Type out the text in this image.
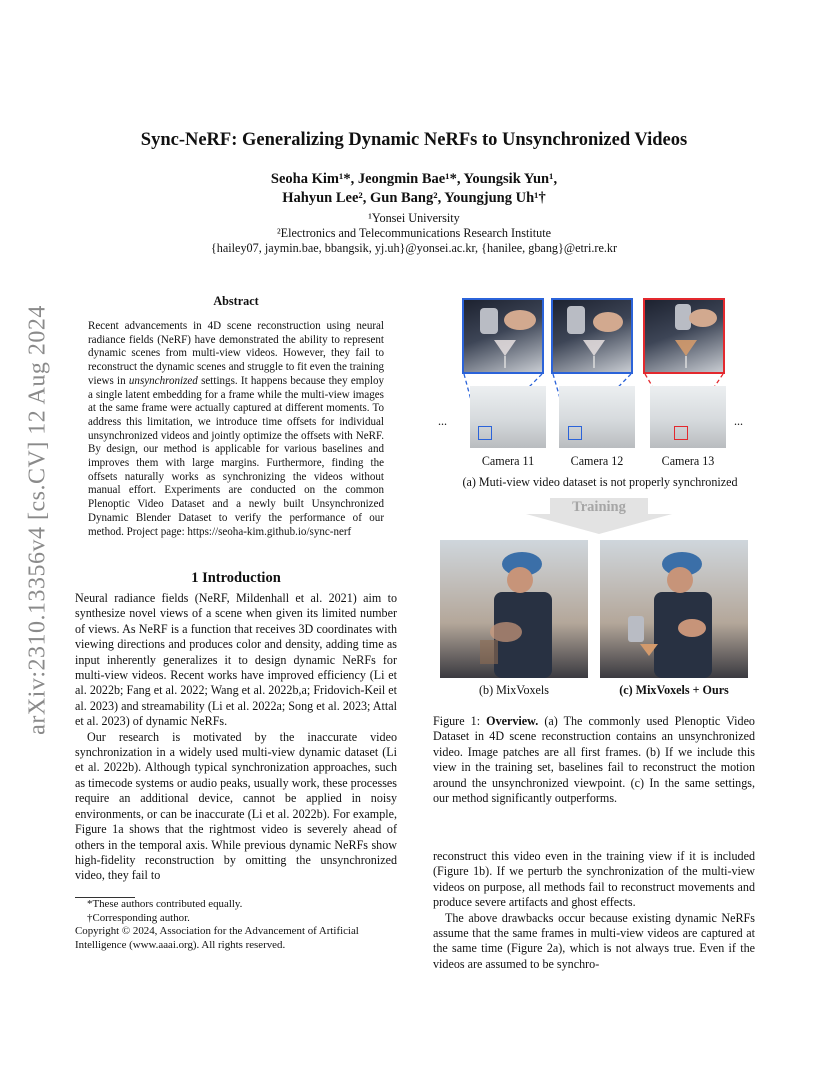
arXiv:2310.13356v4 [cs.CV] 12 Aug 2024
Sync-NeRF: Generalizing Dynamic NeRFs to Unsynchronized Videos
Seoha Kim¹*, Jeongmin Bae¹*, Youngsik Yun¹,
Hahyun Lee², Gun Bang², Youngjung Uh¹†
¹Yonsei University
²Electronics and Telecommunications Research Institute
{hailey07, jaymin.bae, bbangsik, yj.uh}@yonsei.ac.kr, {hanilee, gbang}@etri.re.kr
Abstract
Recent advancements in 4D scene reconstruction using neural radiance fields (NeRF) have demonstrated the ability to represent dynamic scenes from multi-view videos. However, they fail to reconstruct the dynamic scenes and struggle to fit even the training views in unsynchronized settings. It happens because they employ a single latent embedding for a frame while the multi-view images at the same frame were actually captured at different moments. To address this limitation, we introduce time offsets for individual unsynchronized videos and jointly optimize the offsets with NeRF. By design, our method is applicable for various baselines and improves them with large margins. Furthermore, finding the offsets naturally works as synchronizing the videos without manual effort. Experiments are conducted on the common Plenoptic Video Dataset and a newly built Unsynchronized Dynamic Blender Dataset to verify the performance of our method. Project page: https://seoha-kim.github.io/sync-nerf
1 Introduction

Neural radiance fields (NeRF, Mildenhall et al. 2021) aim to synthesize novel views of a scene when given its limited number of views. As NeRF is a function that receives 3D coordinates with viewing directions and produces color and density, adding time as input inherently generalizes it to design dynamic NeRFs for multi-view videos. Recent works have improved efficiency (Li et al. 2022b; Fang et al. 2022; Wang et al. 2022b,a; Fridovich-Keil et al. 2023) and streamability (Li et al. 2022a; Song et al. 2023; Attal et al. 2023) of dynamic NeRFs.

Our research is motivated by the inaccurate video synchronization in a widely used multi-view dynamic dataset (Li et al. 2022b). Although typical synchronization approaches, such as timecode systems or audio peaks, usually work, these processes require an additional device, cannot be applied in noisy environments, or can be inaccurate (Li et al. 2022b). For example, Figure 1a shows that the rightmost video is severely ahead of others in the temporal axis. While previous dynamic NeRFs show high-fidelity reconstruction by omitting the unsynchronized video, they fail to

*These authors contributed equally.
†Corresponding author.
Copyright © 2024, Association for the Advancement of Artificial Intelligence (www.aaai.org). All rights reserved.
...	...
Camera 11	Camera 12	Camera 13
(a) Muti-view video dataset is not properly synchronized
Training
(b) MixVoxels	(c) MixVoxels + Ours
Figure 1: Overview. (a) The commonly used Plenoptic Video Dataset in 4D scene reconstruction contains an unsynchronized video. Image patches are all first frames. (b) If we include this view in the training set, baselines fail to reconstruct the motion around the unsynchronized viewpoint. (c) In the same settings, our method significantly outperforms.

reconstruct this video even in the training view if it is included (Figure 1b). If we perturb the synchronization of the multi-view videos on purpose, all methods fail to reconstruct movements and produce severe artifacts and ghost effects.

The above drawbacks occur because existing dynamic NeRFs assume that the same frames in multi-view videos are captured at the same time (Figure 2a), which is not always true. Even if the videos are assumed to be synchro-
